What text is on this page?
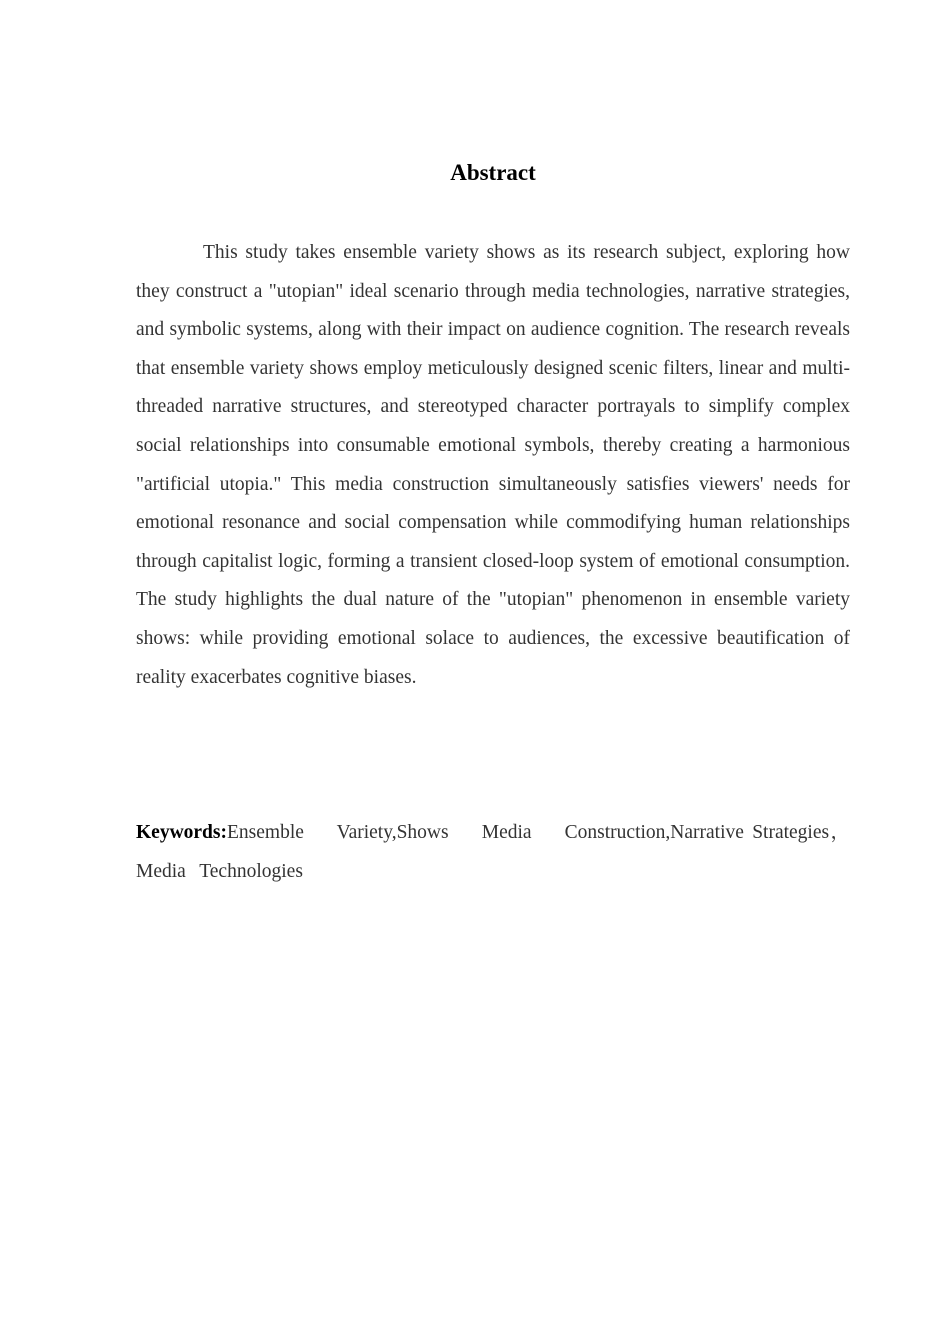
Abstract

This study takes ensemble variety shows as its research subject, exploring how they construct a "utopian" ideal scenario through media technologies, narrative strategies, and symbolic systems, along with their impact on audience cognition. The research reveals that ensemble variety shows employ meticulously designed scenic filters, linear and multi-threaded narrative structures, and stereotyped character portrayals to simplify complex social relationships into consumable emotional symbols, thereby creating a harmonious "artificial utopia." This media construction simultaneously satisfies viewers' needs for emotional resonance and social compensation while commodifying human relationships through capitalist logic, forming a transient closed-loop system of emotional consumption. The study highlights the dual nature of the "utopian" phenomenon in ensemble variety shows: while providing emotional solace to audiences, the excessive beautification of reality exacerbates cognitive biases.

Keywords:Ensemble    Variety,Shows    Media    Construction,Narrative Strategies，Media  Technologies
